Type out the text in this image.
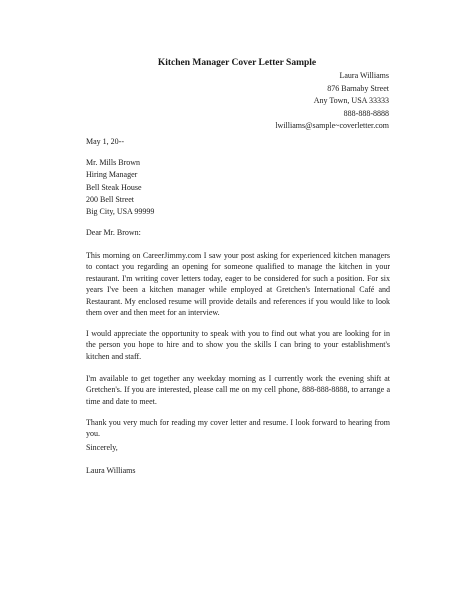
Kitchen Manager Cover Letter Sample
Laura Williams
876 Barnaby Street
Any Town, USA 33333
888-888-8888
lwilliams@sample~coverletter.com
May 1, 20--
Mr. Mills Brown
Hiring Manager
Bell Steak House
200 Bell Street
Big City, USA 99999
Dear Mr. Brown:

This morning on CareerJimmy.com I saw your post asking for experienced kitchen managers to contact you regarding an opening for someone qualified to manage the kitchen in your restaurant. I'm writing cover letters today, eager to be considered for such a position. For six years I've been a kitchen manager while employed at Gretchen's International Café and Restaurant. My enclosed resume will provide details and references if you would like to look them over and then meet for an interview.

I would appreciate the opportunity to speak with you to find out what you are looking for in the person you hope to hire and to show you the skills I can bring to your establishment's kitchen and staff.

I'm available to get together any weekday morning as I currently work the evening shift at Gretchen's. If you are interested, please call me on my cell phone, 888-888-8888, to arrange a time and date to meet.

Thank you very much for reading my cover letter and resume. I look forward to hearing from you.

Sincerely,
Laura Williams
